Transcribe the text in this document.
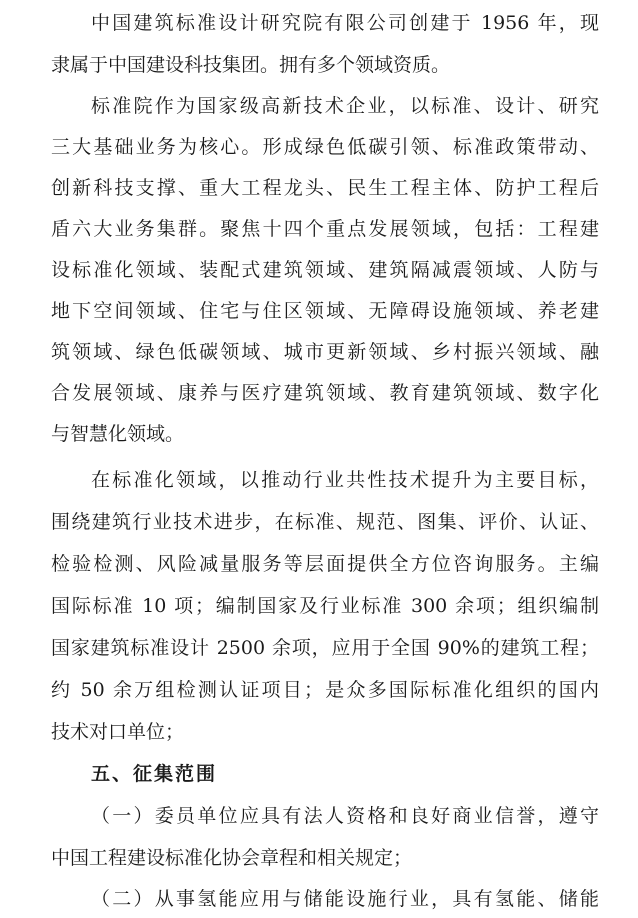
中国建筑标准设计研究院有限公司创建于 1956 年，现
隶属于中国建设科技集团。拥有多个领域资质。
标准院作为国家级高新技术企业，以标准、设计、研究
三大基础业务为核心。形成绿色低碳引领、标准政策带动、
创新科技支撑、重大工程龙头、民生工程主体、防护工程后
盾六大业务集群。聚焦十四个重点发展领域，包括：工程建
设标准化领域、装配式建筑领域、建筑隔减震领域、人防与
地下空间领域、住宅与住区领域、无障碍设施领域、养老建
筑领域、绿色低碳领域、城市更新领域、乡村振兴领域、融
合发展领域、康养与医疗建筑领域、教育建筑领域、数字化
与智慧化领域。
在标准化领域，以推动行业共性技术提升为主要目标，
围绕建筑行业技术进步，在标准、规范、图集、评价、认证、
检验检测、风险减量服务等层面提供全方位咨询服务。主编
国际标准 10 项；编制国家及行业标准 300 余项；组织编制
国家建筑标准设计 2500 余项，应用于全国 90%的建筑工程；
约 50 余万组检测认证项目；是众多国际标准化组织的国内
技术对口单位；
五、征集范围
（一）委员单位应具有法人资格和良好商业信誉，遵守
中国工程建设标准化协会章程和相关规定；
（二）从事氢能应用与储能设施行业，具有氢能、储能
